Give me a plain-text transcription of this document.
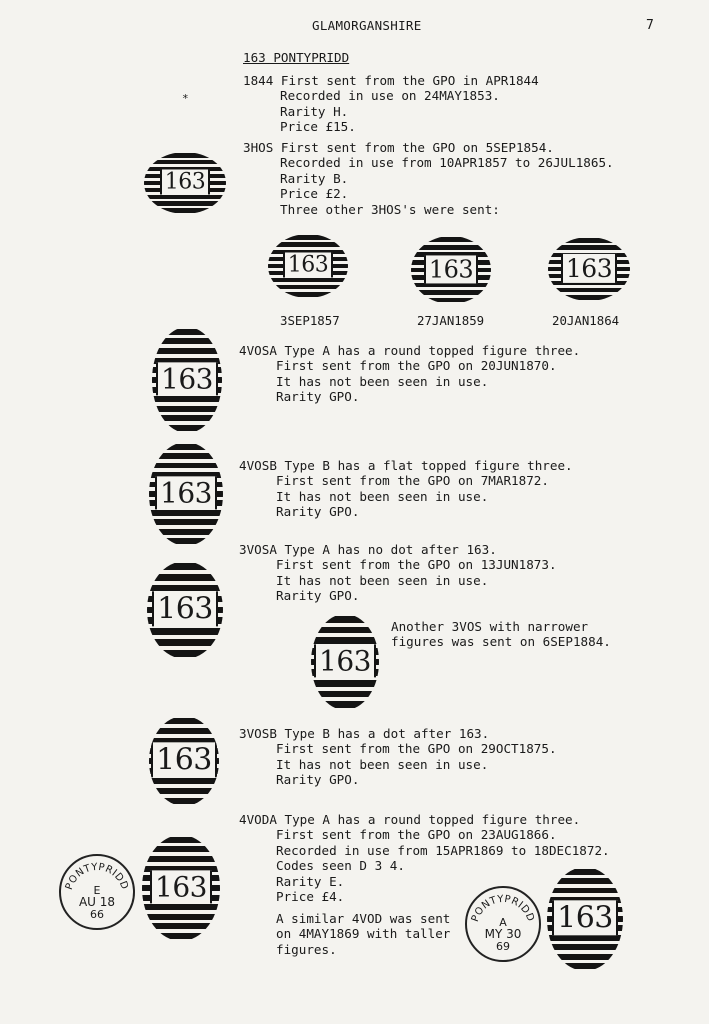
GLAMORGANSHIRE	7
163 PONTYPRIDD
*
1844 First sent from the GPO in APR1844
Recorded in use on 24MAY1853.
Rarity H.
Price £15.
3HOS First sent from the GPO on 5SEP1854.
Recorded in use from 10APR1857 to 26JUL1865.
Rarity B.
Price £2.
Three other 3HOS's were sent:
4VOSA Type A has a round topped figure three.
First sent from the GPO on 20JUN1870.
It has not been seen in use.
Rarity GPO.
4VOSB Type B has a flat topped figure three.
First sent from the GPO on 7MAR1872.
It has not been seen in use.
Rarity GPO.
3VOSA Type A has no dot after 163.
First sent from the GPO on 13JUN1873.
It has not been seen in use.
Rarity GPO.
Another 3VOS with narrower
figures was sent on 6SEP1884.
3VOSB Type B has a dot after 163.
First sent from the GPO on 29OCT1875.
It has not been seen in use.
Rarity GPO.
4VODA Type A has a round topped figure three.
First sent from the GPO on 23AUG1866.
Recorded in use from 15APR1869 to 18DEC1872.
Codes seen D 3 4.
Rarity E.
Price £4.
A similar 4VOD was sent
on 4MAY1869 with taller
figures.
3SEP1857	27JAN1859	20JAN1864
163
163	163	163
163
163
163
163
163
163
163
PONTYPRIDD
E
AU 18
66	PONTYPRIDD
A
MY 30
69
